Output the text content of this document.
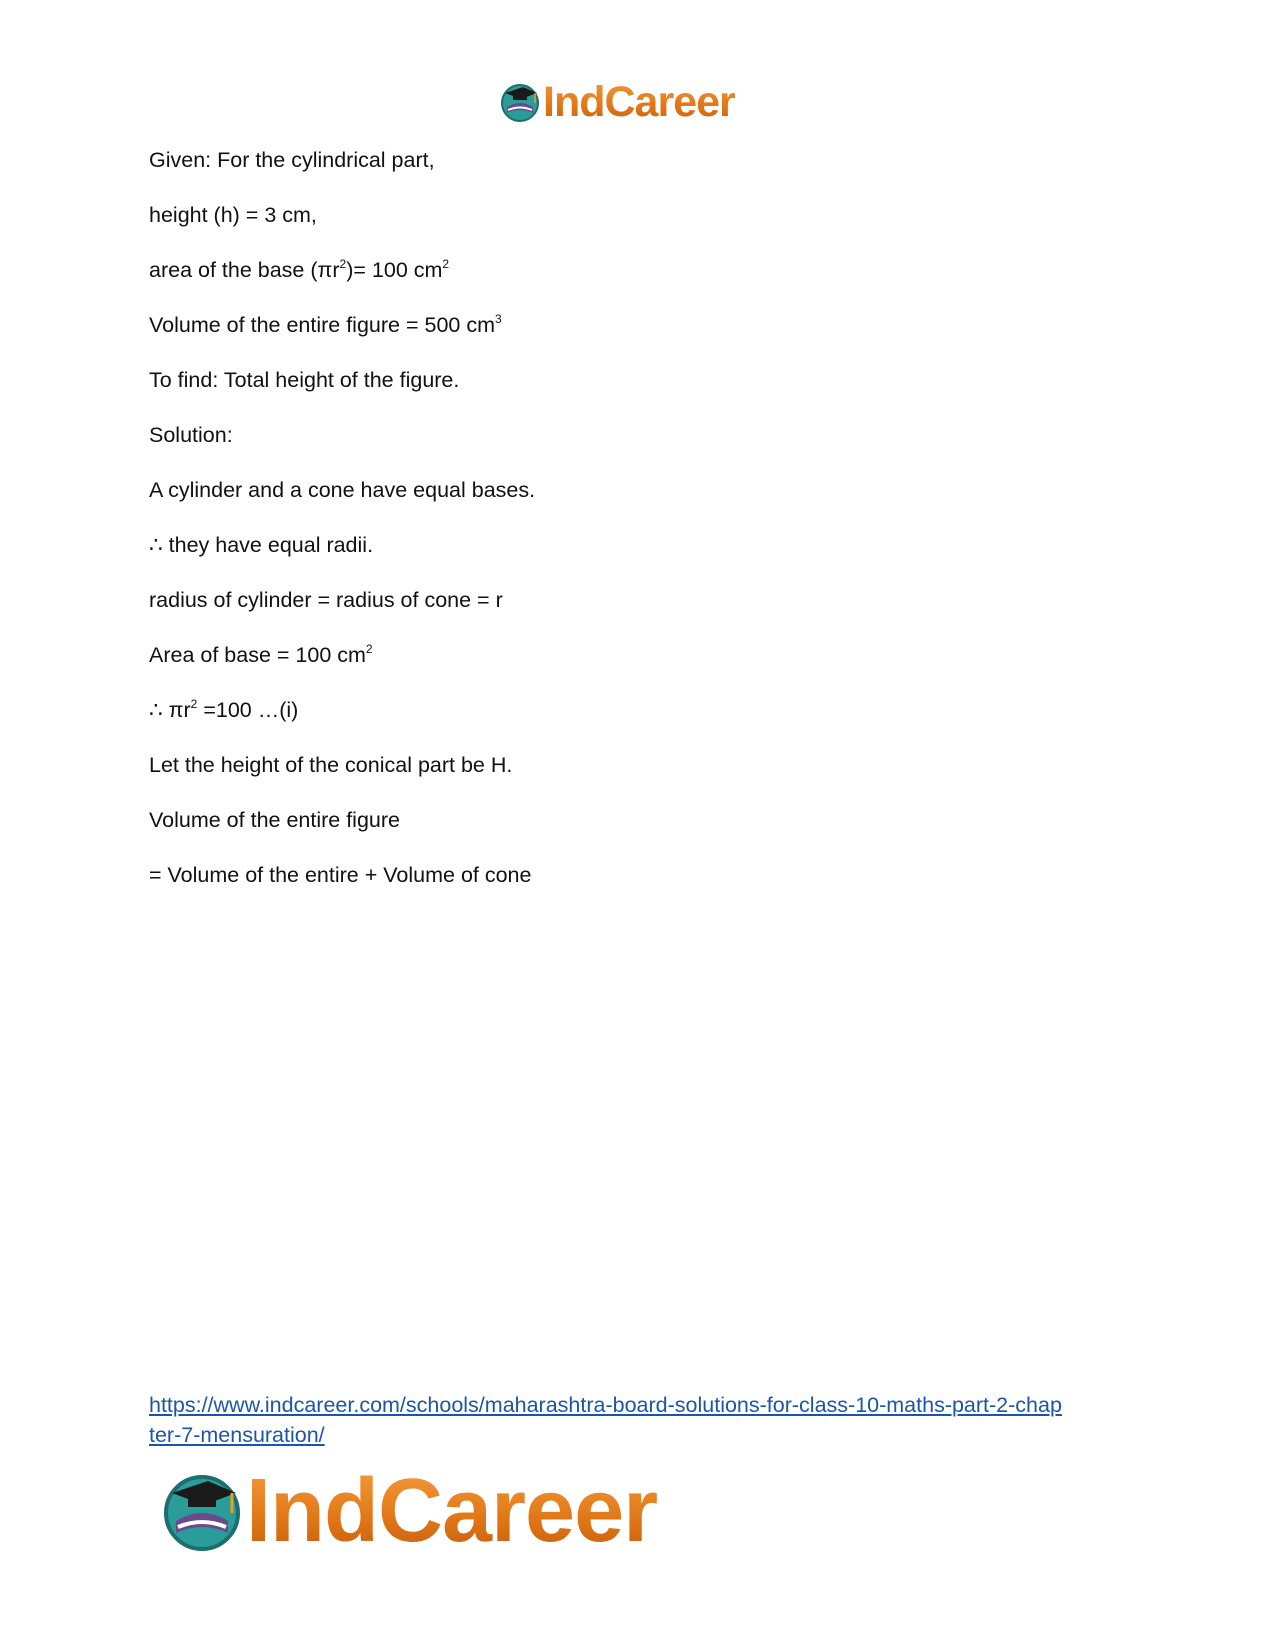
IndCareer
Given: For the cylindrical part,
height (h) = 3 cm,
area of the base $(\pi r^2)= 100$ $cm^2$
Volume of the entire figure = 500 $cm^3$
To find: Total height of the figure.
Solution:
A cylinder and a cone have equal bases.
∴ they have equal radii.
radius of cylinder = radius of cone = r
Area of base = 100 $cm^2$
∴ $\pi r^2 =100$ …(i)
Let the height of the conical part be H.
Volume of the entire figure
= Volume of the entire + Volume of cone
https://www.indcareer.com/schools/maharashtra-board-solutions-for-class-10-maths-part-2-chap
ter-7-mensuration/
IndCareer
